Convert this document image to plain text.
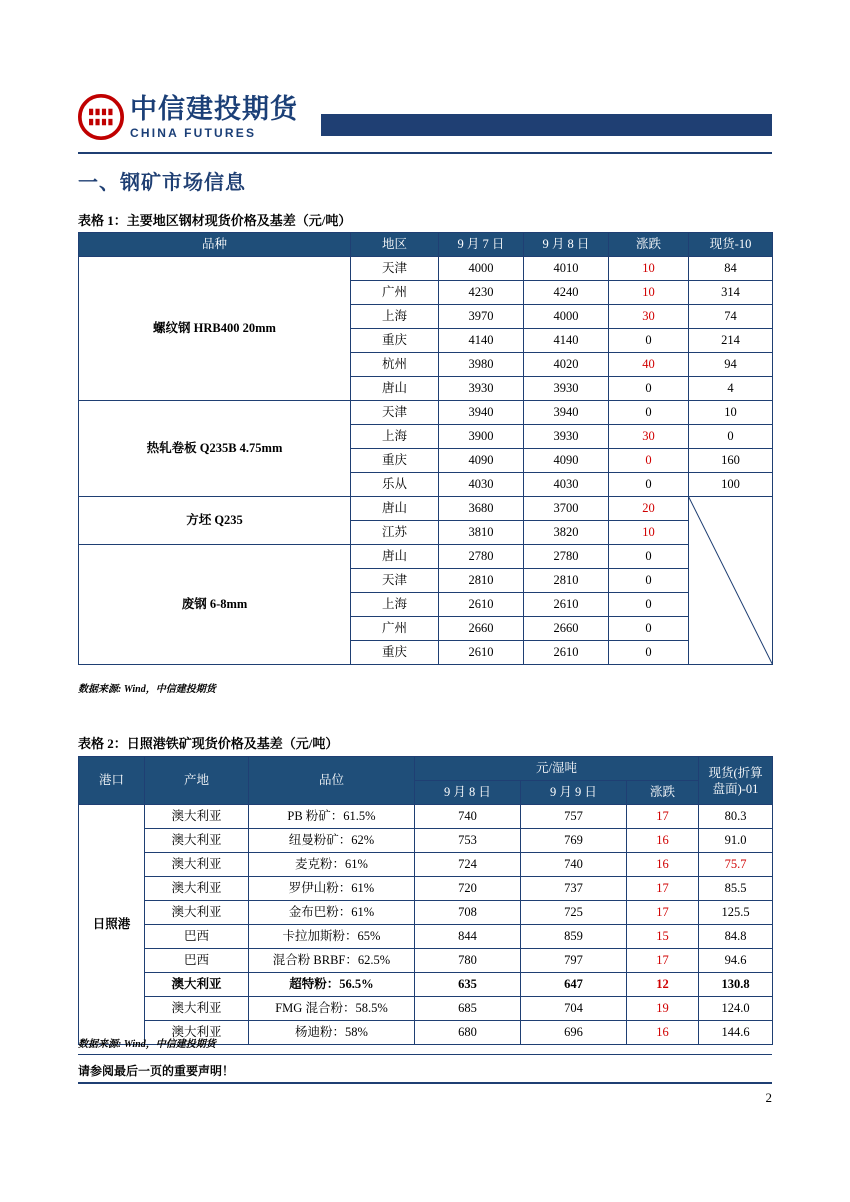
中信建投期货
CHINA FUTURES
一、钢矿市场信息
表格 1：主要地区钢材现货价格及基差（元/吨）
品种	地区	9 月 7 日	9 月 8 日	涨跌	现货-10
螺纹钢 HRB400 20mm	天津	4000	4010	10	84
	广州	4230	4240	10	314
	上海	3970	4000	30	74
	重庆	4140	4140	0	214
	杭州	3980	4020	40	94
	唐山	3930	3930	0	4
热轧卷板 Q235B 4.75mm	天津	3940	3940	0	10
	上海	3900	3930	30	0
	重庆	4090	4090	0	160
	乐从	4030	4030	0	100
方坯 Q235	唐山	3680	3700	20	
	江苏	3810	3820	10	
废钢 6-8mm	唐山	2780	2780	0	
	天津	2810	2810	0	
	上海	2610	2610	0	
	广州	2660	2660	0	
	重庆	2610	2610	0	
数据来源: Wind，中信建投期货
表格 2：日照港铁矿现货价格及基差（元/吨）
港口	产地	品位	元/湿吨			现货(折算
盘面)-01
			9 月 8 日	9 月 9 日	涨跌	
日照港	澳大利亚	PB 粉矿：61.5%	740	757	17	80.3
	澳大利亚	纽曼粉矿：62%	753	769	16	91.0
	澳大利亚	麦克粉：61%	724	740	16	75.7
	澳大利亚	罗伊山粉：61%	720	737	17	85.5
	澳大利亚	金布巴粉：61%	708	725	17	125.5
	巴西	卡拉加斯粉：65%	844	859	15	84.8
	巴西	混合粉 BRBF：62.5%	780	797	17	94.6
	澳大利亚	超特粉：56.5%	635	647	12	130.8
	澳大利亚	FMG 混合粉：58.5%	685	704	19	124.0
	澳大利亚	杨迪粉：58%	680	696	16	144.6
数据来源: Wind，中信建投期货
请参阅最后一页的重要声明！
2
